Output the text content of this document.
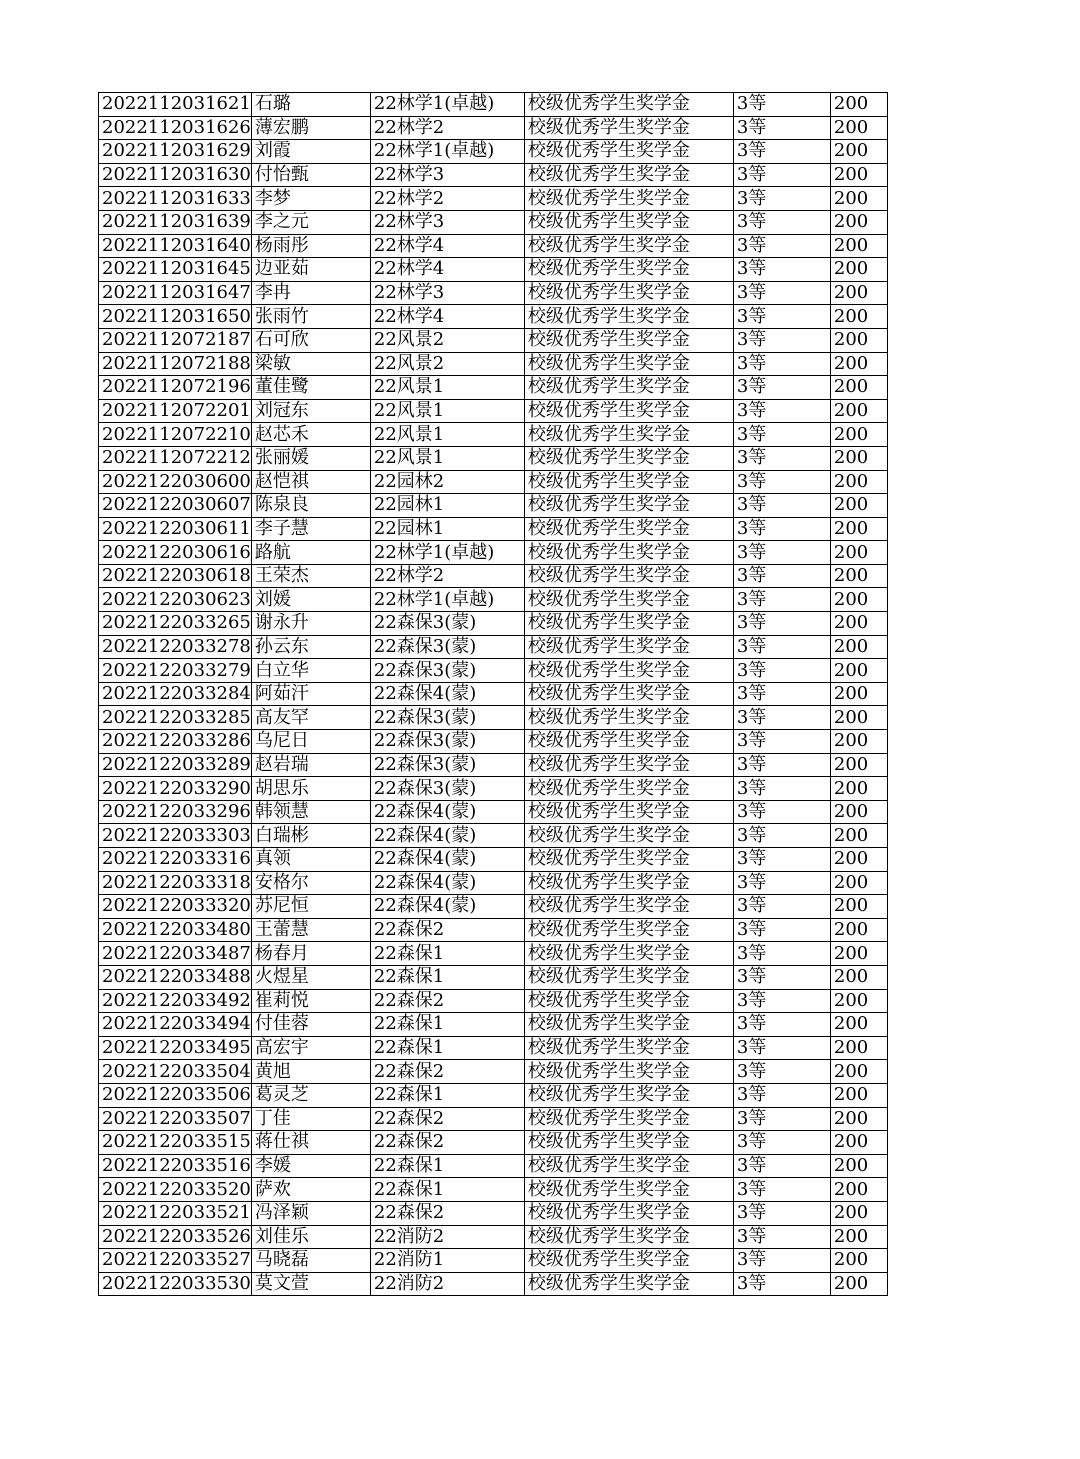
2022112031621	石璐	22林学1(卓越)	校级优秀学生奖学金	3等	200
2022112031626	薄宏鹏	22林学2	校级优秀学生奖学金	3等	200
2022112031629	刘霞	22林学1(卓越)	校级优秀学生奖学金	3等	200
2022112031630	付怡甄	22林学3	校级优秀学生奖学金	3等	200
2022112031633	李梦	22林学2	校级优秀学生奖学金	3等	200
2022112031639	李之元	22林学3	校级优秀学生奖学金	3等	200
2022112031640	杨雨彤	22林学4	校级优秀学生奖学金	3等	200
2022112031645	边亚茹	22林学4	校级优秀学生奖学金	3等	200
2022112031647	李冉	22林学3	校级优秀学生奖学金	3等	200
2022112031650	张雨竹	22林学4	校级优秀学生奖学金	3等	200
2022112072187	石可欣	22风景2	校级优秀学生奖学金	3等	200
2022112072188	梁敏	22风景2	校级优秀学生奖学金	3等	200
2022112072196	董佳鹭	22风景1	校级优秀学生奖学金	3等	200
2022112072201	刘冠东	22风景1	校级优秀学生奖学金	3等	200
2022112072210	赵芯禾	22风景1	校级优秀学生奖学金	3等	200
2022112072212	张丽媛	22风景1	校级优秀学生奖学金	3等	200
2022122030600	赵恺祺	22园林2	校级优秀学生奖学金	3等	200
2022122030607	陈泉良	22园林1	校级优秀学生奖学金	3等	200
2022122030611	李子慧	22园林1	校级优秀学生奖学金	3等	200
2022122030616	路航	22林学1(卓越)	校级优秀学生奖学金	3等	200
2022122030618	王荣杰	22林学2	校级优秀学生奖学金	3等	200
2022122030623	刘媛	22林学1(卓越)	校级优秀学生奖学金	3等	200
2022122033265	谢永升	22森保3(蒙)	校级优秀学生奖学金	3等	200
2022122033278	孙云东	22森保3(蒙)	校级优秀学生奖学金	3等	200
2022122033279	白立华	22森保3(蒙)	校级优秀学生奖学金	3等	200
2022122033284	阿茹汗	22森保4(蒙)	校级优秀学生奖学金	3等	200
2022122033285	高友罕	22森保3(蒙)	校级优秀学生奖学金	3等	200
2022122033286	乌尼日	22森保3(蒙)	校级优秀学生奖学金	3等	200
2022122033289	赵岩瑞	22森保3(蒙)	校级优秀学生奖学金	3等	200
2022122033290	胡思乐	22森保3(蒙)	校级优秀学生奖学金	3等	200
2022122033296	韩领慧	22森保4(蒙)	校级优秀学生奖学金	3等	200
2022122033303	白瑞彬	22森保4(蒙)	校级优秀学生奖学金	3等	200
2022122033316	真领	22森保4(蒙)	校级优秀学生奖学金	3等	200
2022122033318	安格尔	22森保4(蒙)	校级优秀学生奖学金	3等	200
2022122033320	苏尼恒	22森保4(蒙)	校级优秀学生奖学金	3等	200
2022122033480	王蕾慧	22森保2	校级优秀学生奖学金	3等	200
2022122033487	杨春月	22森保1	校级优秀学生奖学金	3等	200
2022122033488	火煜星	22森保1	校级优秀学生奖学金	3等	200
2022122033492	崔莉悦	22森保2	校级优秀学生奖学金	3等	200
2022122033494	付佳蓉	22森保1	校级优秀学生奖学金	3等	200
2022122033495	高宏宇	22森保1	校级优秀学生奖学金	3等	200
2022122033504	黄旭	22森保2	校级优秀学生奖学金	3等	200
2022122033506	葛灵芝	22森保1	校级优秀学生奖学金	3等	200
2022122033507	丁佳	22森保2	校级优秀学生奖学金	3等	200
2022122033515	蒋仕祺	22森保2	校级优秀学生奖学金	3等	200
2022122033516	李媛	22森保1	校级优秀学生奖学金	3等	200
2022122033520	萨欢	22森保1	校级优秀学生奖学金	3等	200
2022122033521	冯泽颖	22森保2	校级优秀学生奖学金	3等	200
2022122033526	刘佳乐	22消防2	校级优秀学生奖学金	3等	200
2022122033527	马晓磊	22消防1	校级优秀学生奖学金	3等	200
2022122033530	莫文萱	22消防2	校级优秀学生奖学金	3等	200
